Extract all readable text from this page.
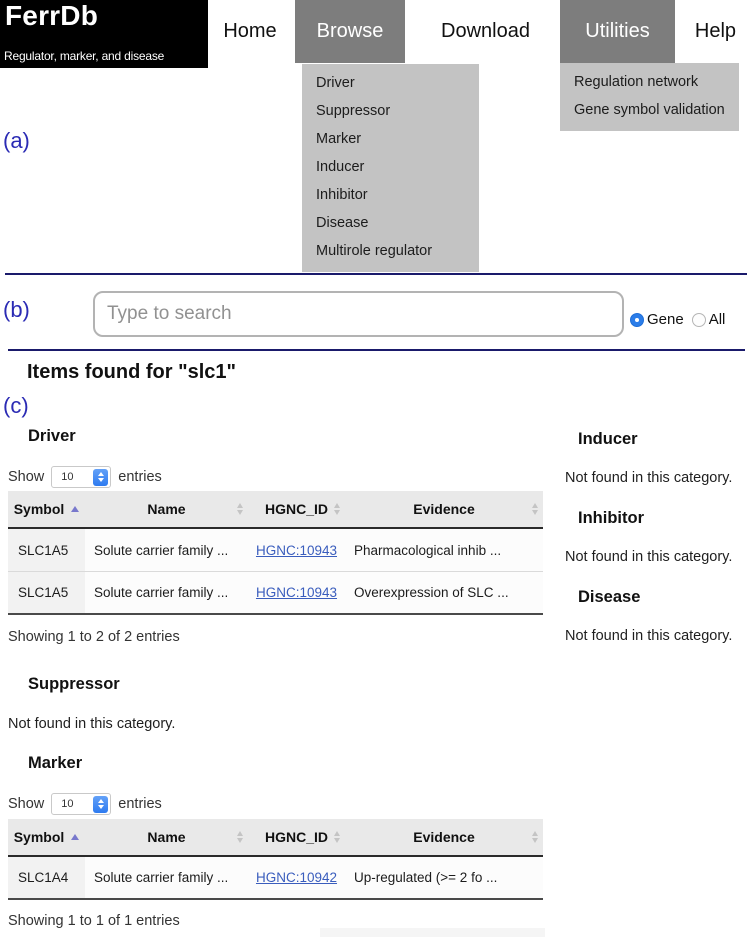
FerrDb
Regulator, marker, and disease
Home	Browse	Download	Utilities	Help
Driver
Suppressor
Marker
Inducer
Inhibitor
Disease
Multirole regulator
Regulation network
Gene symbol validation
(a)
(b)
Type to search	Gene All
Items found for "slc1"
(c)
Driver
Show	10	entries
Symbol	Name	HGNC_ID	Evidence
SLC1A5	Solute carrier family ...	HGNC:10943	Pharmacological inhib ...
SLC1A5	Solute carrier family ...	HGNC:10943	Overexpression of SLC ...
Showing 1 to 2 of 2 entries
Suppressor
Not found in this category.
Marker
Show	10	entries
Symbol	Name	HGNC_ID	Evidence
SLC1A4	Solute carrier family ...	HGNC:10942	Up-regulated (>= 2 fo ...
Showing 1 to 1 of 1 entries
Inducer
Not found in this category.
Inhibitor
Not found in this category.
Disease
Not found in this category.
